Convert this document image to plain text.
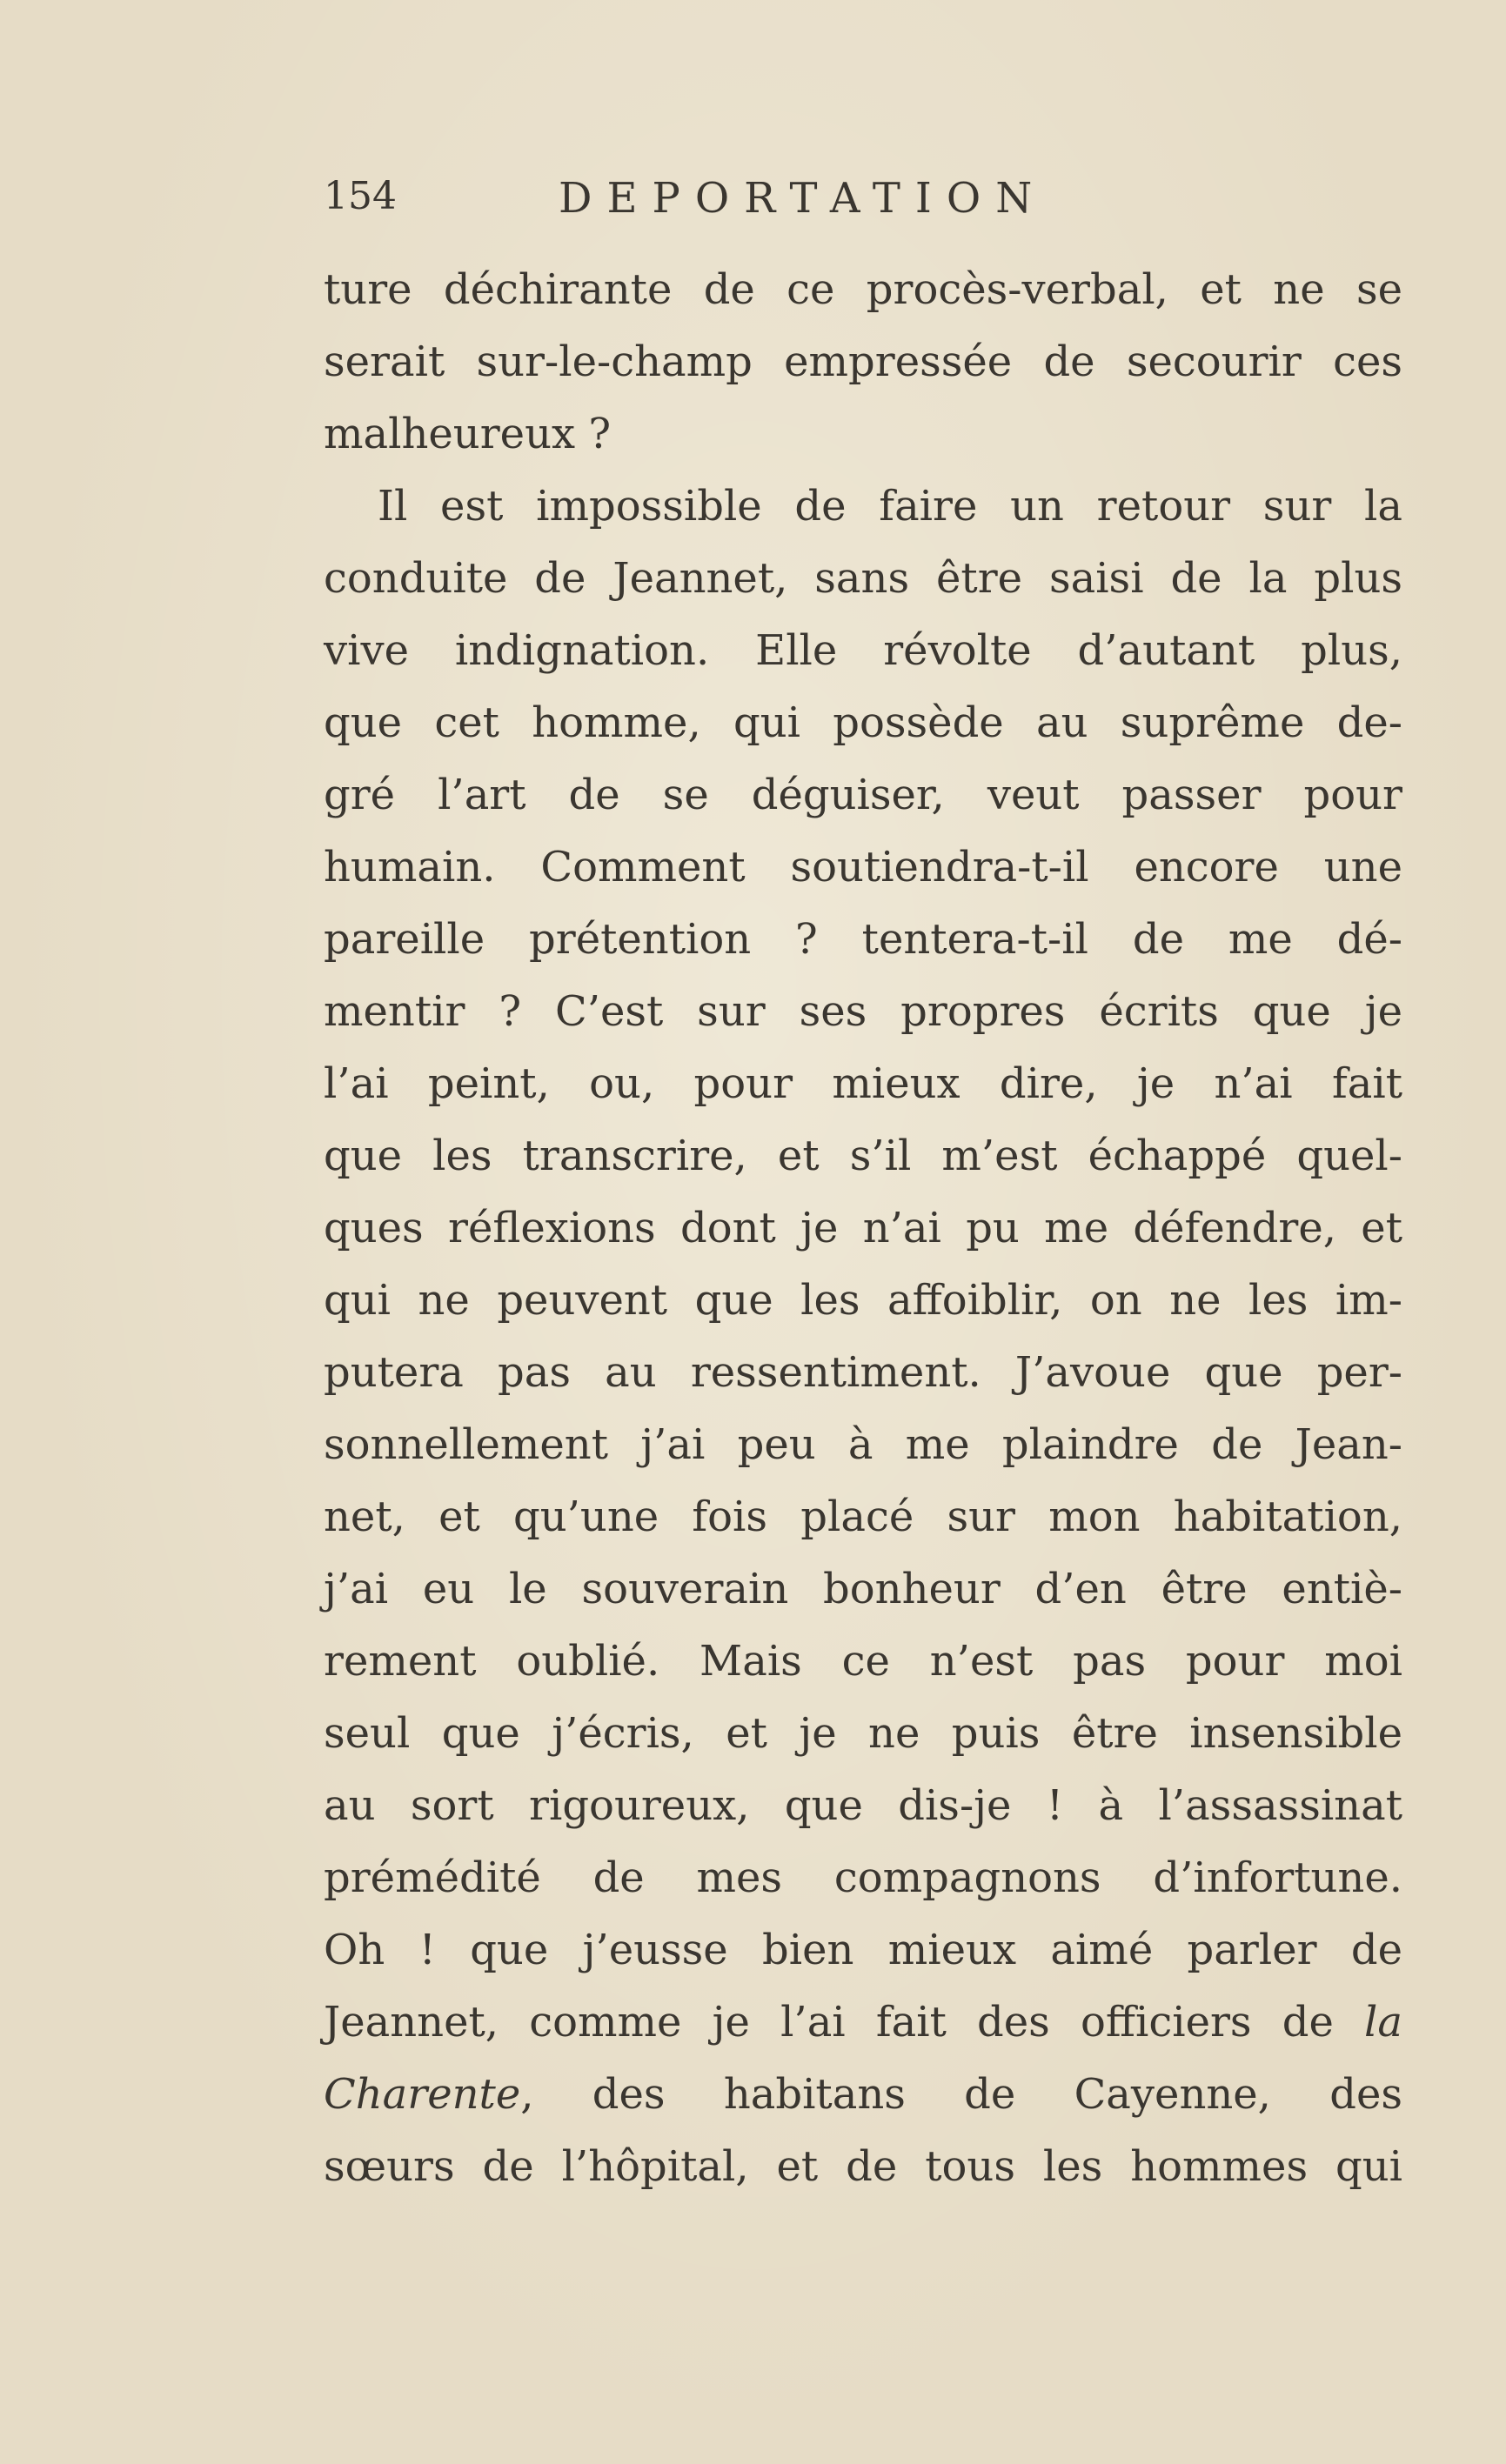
154	DEPORTATION
ture déchirante de ce procès-verbal, et ne se
serait sur-le-champ empressée de secourir ces
malheureux ?
Il est impossible de faire un retour sur la
conduite de Jeannet, sans être saisi de la plus
vive indignation. Elle révolte d’autant plus,
que cet homme, qui possède au suprême de-
gré l’art de se déguiser, veut passer pour
humain. Comment soutiendra-t-il encore une
pareille prétention ? tentera-t-il de me dé-
mentir ? C’est sur ses propres écrits que je
l’ai peint, ou, pour mieux dire, je n’ai fait
que les transcrire, et s’il m’est échappé quel-
ques réflexions dont je n’ai pu me défendre, et
qui ne peuvent que les affoiblir, on ne les im-
putera pas au ressentiment. J’avoue que per-
sonnellement j’ai peu à me plaindre de Jean-
net, et qu’une fois placé sur mon habitation,
j’ai eu le souverain bonheur d’en être entiè-
rement oublié. Mais ce n’est pas pour moi
seul que j’écris, et je ne puis être insensible
au sort rigoureux, que dis-je ! à l’assassinat
prémédité de mes compagnons d’infortune.
Oh ! que j’eusse bien mieux aimé parler de
Jeannet, comme je l’ai fait des officiers de la
Charente, des habitans de Cayenne, des
sœurs de l’hôpital, et de tous les hommes qui
